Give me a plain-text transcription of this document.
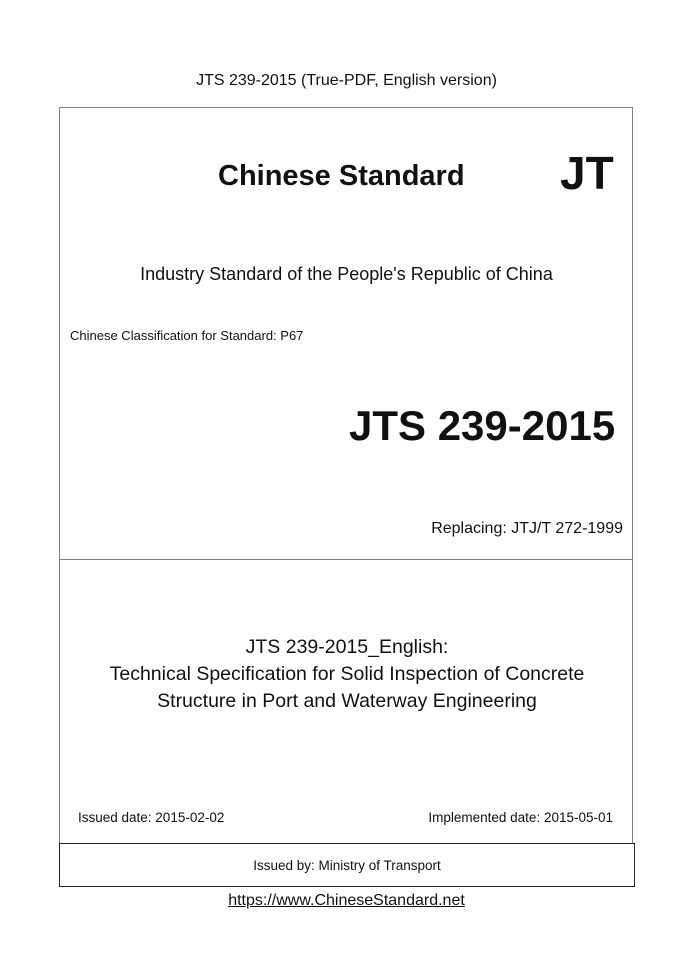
JTS 239-2015 (True-PDF, English version)
Chinese Standard JT
Industry Standard of the People's Republic of China
Chinese Classification for Standard: P67
JTS 239-2015
Replacing: JTJ/T 272-1999
JTS 239-2015_English:
Technical Specification for Solid Inspection of Concrete
Structure in Port and Waterway Engineering
Issued date: 2015-02-02	Implemented date: 2015-05-01
Issued by: Ministry of Transport
https://www.ChineseStandard.net
